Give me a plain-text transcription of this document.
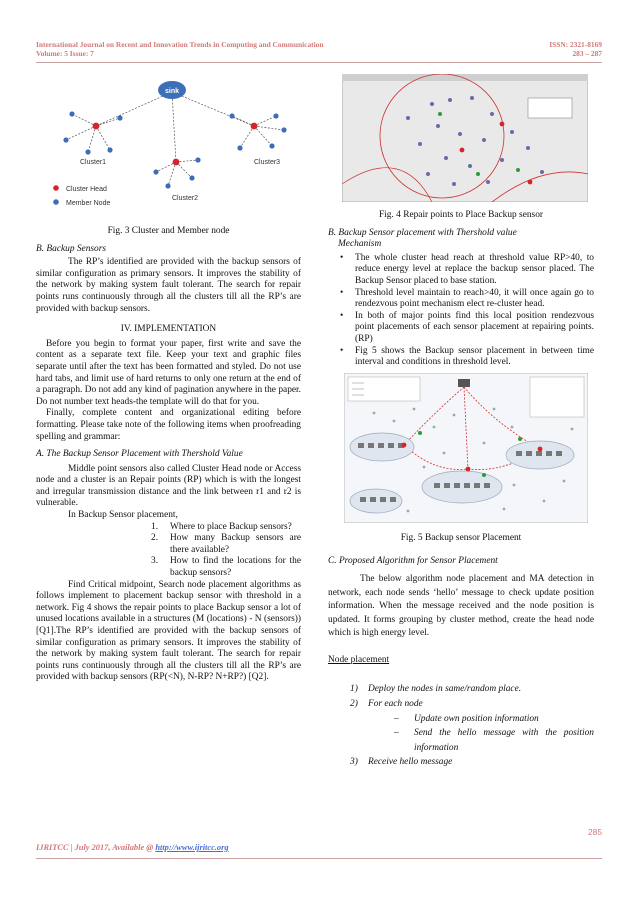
International Journal on Recent and Innovation Trends in Computing and Communication
Volume: 5 Issue: 7
ISSN: 2321-8169
283 – 287
sink
Cluster1
Cluster2
Cluster3
Cluster Head
Member Node

Fig. 3 Cluster and Member node

B. Backup Sensors

The RP’s identified are provided with the backup sensors of similar configuration as primary sensors. It improves the stability of the network by making system fault tolerant. The search for repair points runs continuously through all the clusters till all the RP’s are provided with backup sensors.

IV. IMPLEMENTATION

Before you begin to format your paper, first write and save the content as a separate text file. Keep your text and graphic files separate until after the text has been formatted and styled. Do not use hard tabs, and limit use of hard returns to only one return at the end of a paragraph. Do not add any kind of pagination anywhere in the paper. Do not number text heads-the template will do that for you.

Finally, complete content and organizational editing before formatting. Please take note of the following items when proofreading spelling and grammar:

A. The Backup Sensor Placement with Thershold Value

Middle point sensors also called Cluster Head node or Access node and a cluster is an Repair points (RP) which is with the longest and irregular transmission distance and the link between r1 and r2 is vulnerable.

In Backup Sensor placement,

1. Where to place Backup sensors?
2. How many Backup sensors are there available?
3. How to find the locations for the backup sensors?

Find Critical midpoint, Search node placement algorithms as follows implement to placement backup sensor with threshold in a network. Fig 4 shows the repair points to place Backup sensor a lot of unused locations available in a structures (M (locations) - N (sensors)) [Q1].The RP’s identified are provided with the backup sensors of similar configuration as primary sensors. It improves the stability of the network by making system fault tolerant. The search for repair points runs continuously through all the clusters till all the RP’s are provided with backup sensors (RP(<N), N-RP? N+RP?) [Q2].

Fig. 4 Repair points to Place Backup sensor

B. Backup Sensor placement with Thershold value

Mechanism

• The whole cluster head reach at threshold value RP>40, to reduce energy level at replace the backup sensor placed. The Backup Sensor placed to base station.
• Threshold level maintain to reach>40, it will once again go to rendezvous point mechanism elect re-cluster head.
• In both of major points find this local position rendezvous point placements of each sensor placement at repairing points. (RP)
• Fig 5 shows the Backup sensor placement in between time interval and conditions in threshold level.

Fig. 5 Backup sensor Placement

C. Proposed Algorithm for Sensor Placement

The below algorithm node placement and MA detection in network, each node sends ‘hello’ message to check update position information. When the message received and the node position is updated. It forms grouping by cluster method, create the head node which is high energy level.

Node placement

1) Deploy the nodes in same/random place.
2) For each node
– Update own position information
– Send the hello message with the position information
3) Receive hello message
285
IJRITCC | July 2017, Available @ http://www.ijritcc.org
